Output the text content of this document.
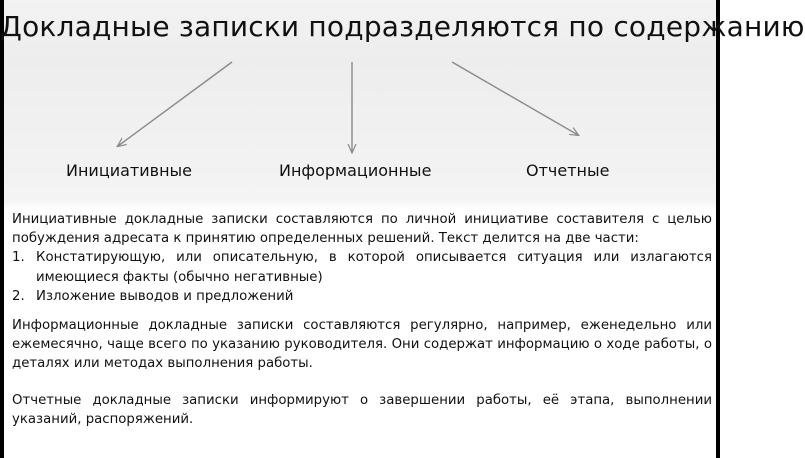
Докладные записки подразделяются по содержанию
Инициативные	Информационные	Отчетные

Инициативные докладные записки составляются по личной инициативе составителя с целью побуждения адресата к принятию определенных решений. Текст делится на две части:

1. Констатирующую, или описательную, в которой описывается ситуация или излагаются имеющиеся факты (обычно негативные)
2. Изложение выводов и предложений

Информационные докладные записки составляются регулярно, например, еженедельно или ежемесячно, чаще всего по указанию руководителя. Они содержат информацию о ходе работы, о деталях или методах выполнения работы.

Отчетные докладные записки информируют о завершении работы, её этапа, выполнении указаний, распоряжений.
